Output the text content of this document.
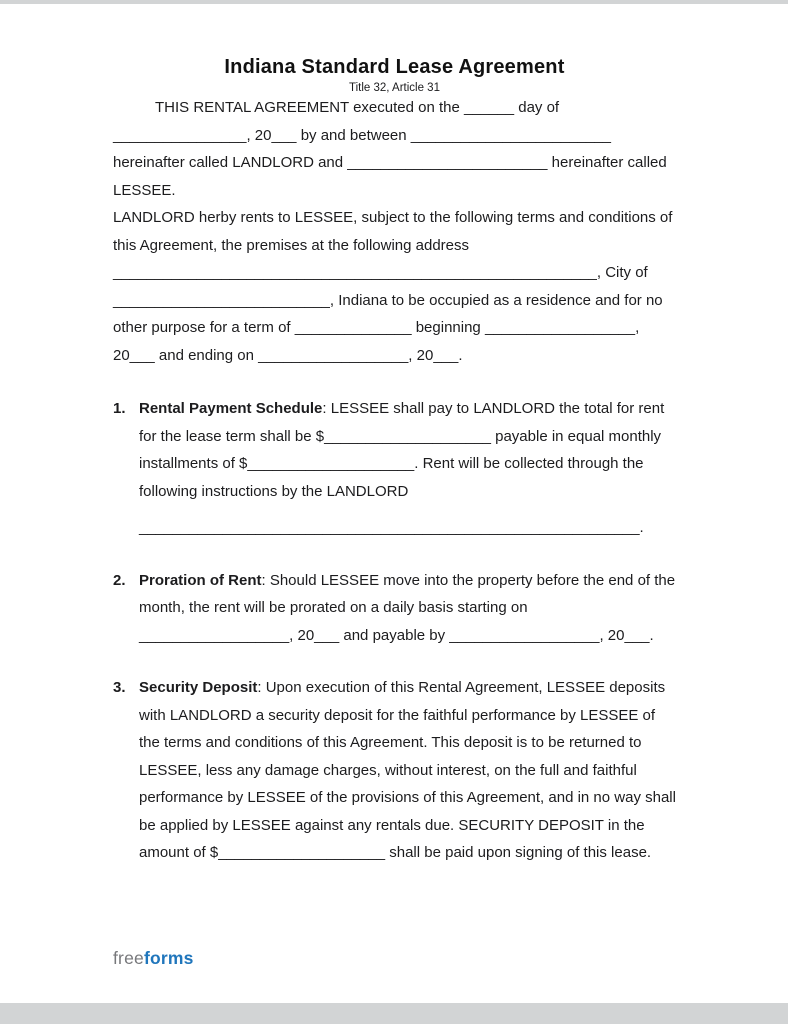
Indiana Standard Lease Agreement
Title 32, Article 31

THIS RENTAL AGREEMENT executed on the ______ day of ________________, 20___ by and between ________________________ hereinafter called LANDLORD and ________________________ hereinafter called LESSEE.

LANDLORD herby rents to LESSEE, subject to the following terms and conditions of this Agreement, the premises at the following address __________________________________________________________, City of __________________________, Indiana to be occupied as a residence and for no other purpose for a term of ______________ beginning __________________, 20___ and ending on __________________, 20___.

1. Rental Payment Schedule: LESSEE shall pay to LANDLORD the total for rent for the lease term shall be $____________________ payable in equal monthly installments of $____________________. Rent will be collected through the following instructions by the LANDLORD
____________________________________________________________.
2. Proration of Rent: Should LESSEE move into the property before the end of the month, the rent will be prorated on a daily basis starting on __________________, 20___ and payable by __________________, 20___.
3. Security Deposit: Upon execution of this Rental Agreement, LESSEE deposits with LANDLORD a security deposit for the faithful performance by LESSEE of the terms and conditions of this Agreement. This deposit is to be returned to LESSEE, less any damage charges, without interest, on the full and faithful performance by LESSEE of the provisions of this Agreement, and in no way shall be applied by LESSEE against any rentals due. SECURITY DEPOSIT in the amount of $____________________ shall be paid upon signing of this lease.
freeforms
